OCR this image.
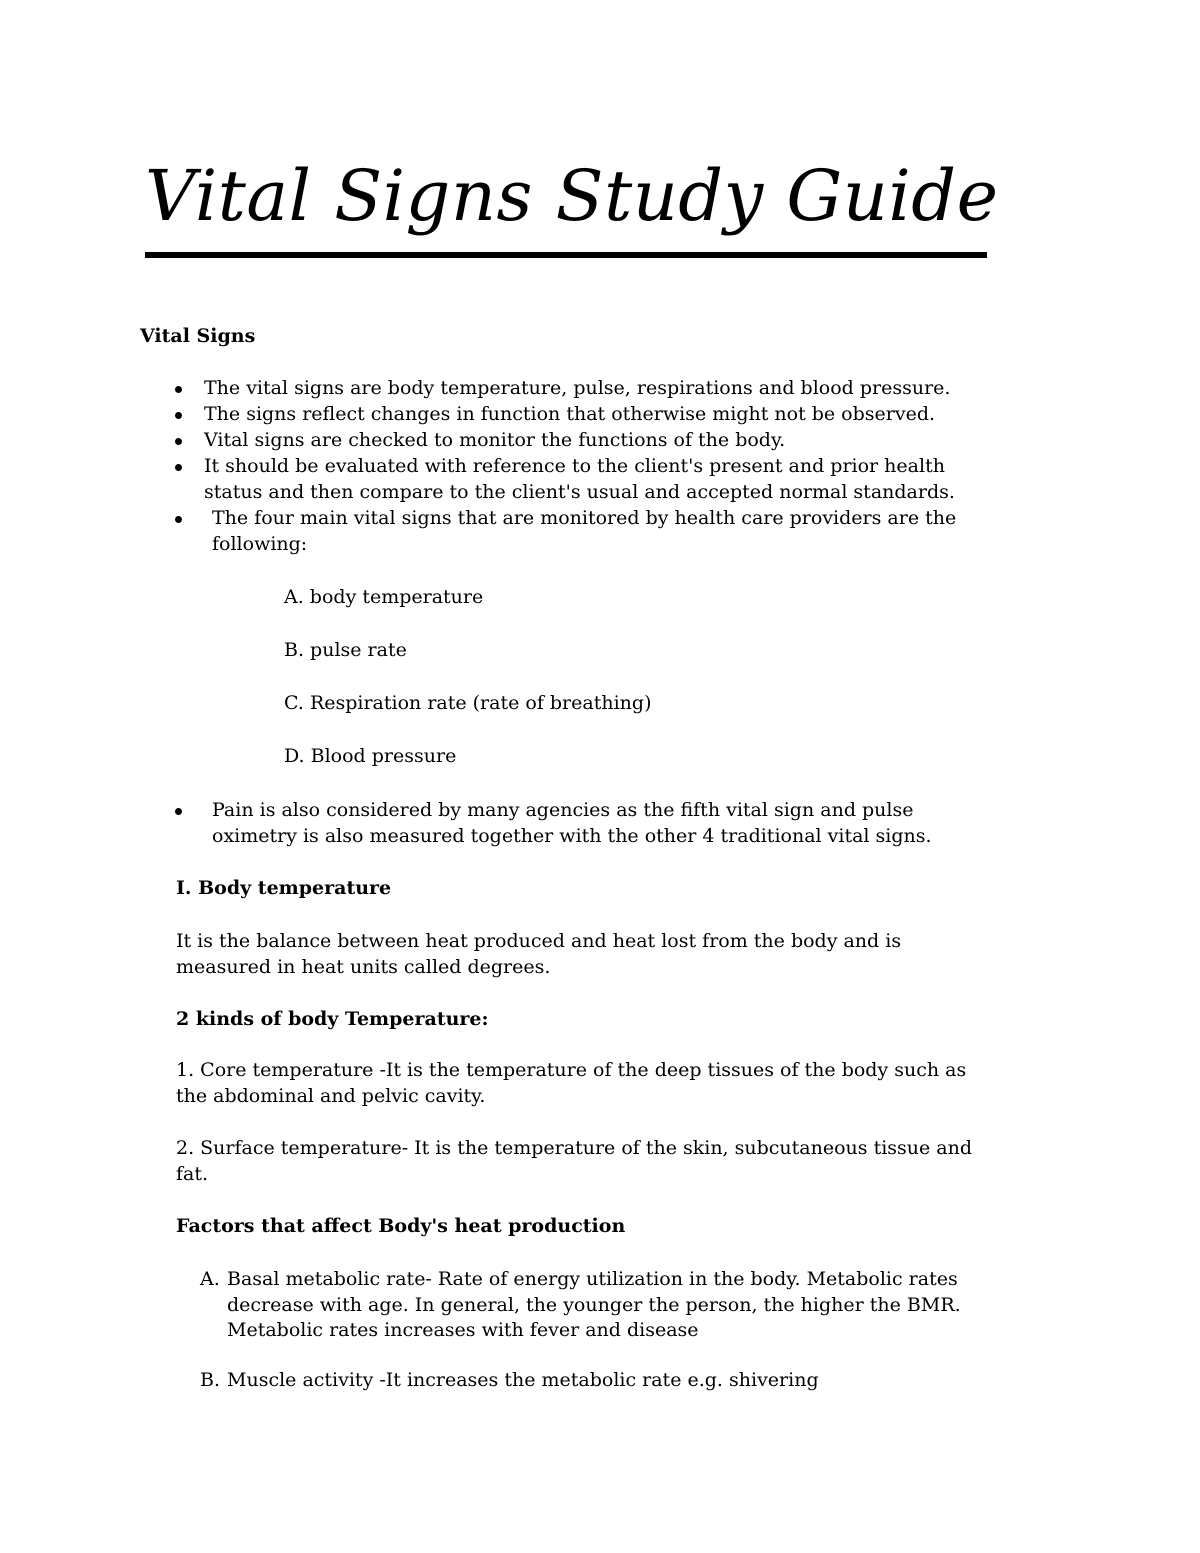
Vital Signs Study Guide
Vital Signs
The vital signs are body temperature, pulse, respirations and blood pressure.
The signs reflect changes in function that otherwise might not be observed.
Vital signs are checked to monitor the functions of the body.
It should be evaluated with reference to the client's present and prior health
status and then compare to the client's usual and accepted normal standards.
The four main vital signs that are monitored by health care providers are the
following:
A. body temperature
B. pulse rate
C. Respiration rate (rate of breathing)
D. Blood pressure
Pain is also considered by many agencies as the fifth vital sign and pulse
oximetry is also measured together with the other 4 traditional vital signs.
I. Body temperature
It is the balance between heat produced and heat lost from the body and is
measured in heat units called degrees.
2 kinds of body Temperature:
1. Core temperature -It is the temperature of the deep tissues of the body such as
the abdominal and pelvic cavity.
2. Surface temperature- It is the temperature of the skin, subcutaneous tissue and
fat.
Factors that affect Body's heat production
A. Basal metabolic rate- Rate of energy utilization in the body. Metabolic rates
decrease with age. In general, the younger the person, the higher the BMR.
Metabolic rates increases with fever and disease
B. Muscle activity -It increases the metabolic rate e.g. shivering
